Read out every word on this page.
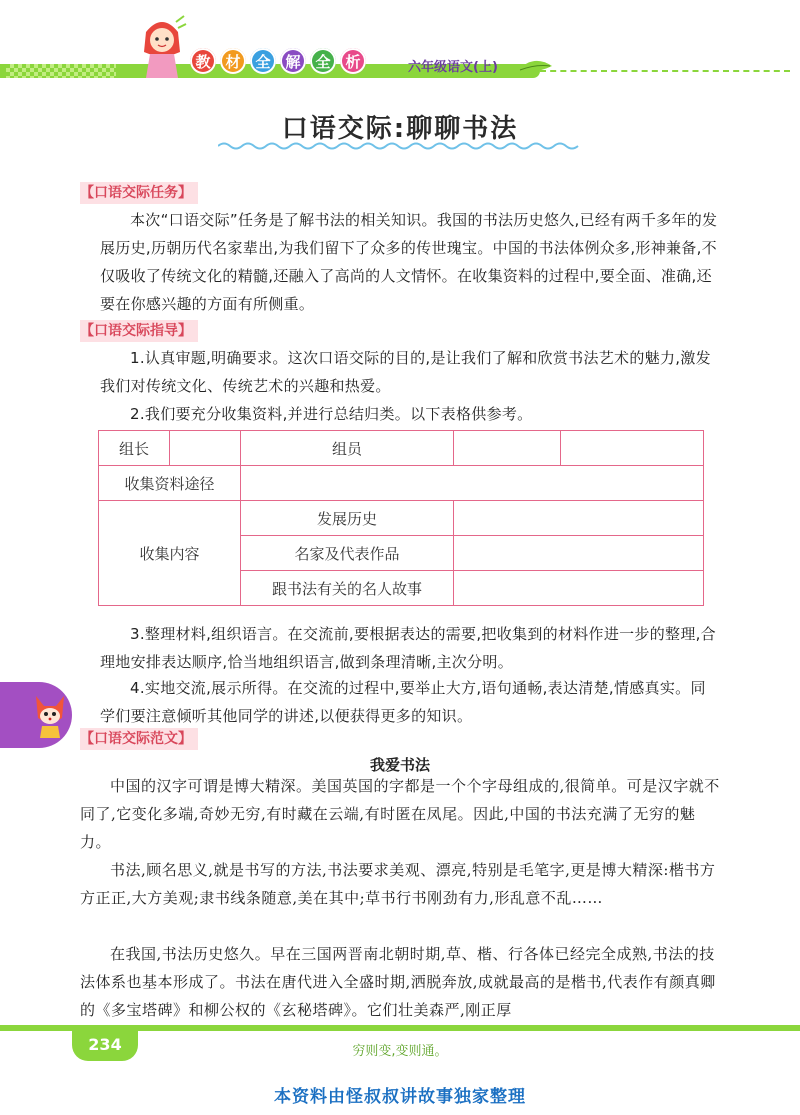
教 材 全 解 全 析	六年级语文(上)
口语交际:聊聊书法
【口语交际任务】
本次“口语交际”任务是了解书法的相关知识。我国的书法历史悠久,已经有两千多年的发展历史,历朝历代名家辈出,为我们留下了众多的传世瑰宝。中国的书法体例众多,形神兼备,不仅吸收了传统文化的精髓,还融入了高尚的人文情怀。在收集资料的过程中,要全面、准确,还要在你感兴趣的方面有所侧重。
【口语交际指导】
1.认真审题,明确要求。这次口语交际的目的,是让我们了解和欣赏书法艺术的魅力,激发我们对传统文化、传统艺术的兴趣和热爱。
2.我们要充分收集资料,并进行总结归类。以下表格供参考。
组长		组员		
收集资料途径				
收集内容		发展历史		
		名家及代表作品		
		跟书法有关的名人故事		
3.整理材料,组织语言。在交流前,要根据表达的需要,把收集到的材料作进一步的整理,合理地安排表达顺序,恰当地组织语言,做到条理清晰,主次分明。
4.实地交流,展示所得。在交流的过程中,要举止大方,语句通畅,表达清楚,情感真实。同学们要注意倾听其他同学的讲述,以便获得更多的知识。
【口语交际范文】
我爱书法
中国的汉字可谓是博大精深。美国英国的字都是一个个字母组成的,很简单。可是汉字就不同了,它变化多端,奇妙无穷,有时藏在云端,有时匿在凤尾。因此,中国的书法充满了无穷的魅力。
书法,顾名思义,就是书写的方法,书法要求美观、漂亮,特别是毛笔字,更是博大精深:楷书方方正正,大方美观;隶书线条随意,美在其中;草书行书刚劲有力,形乱意不乱……
在我国,书法历史悠久。早在三国两晋南北朝时期,草、楷、行各体已经完全成熟,书法的技法体系也基本形成了。书法在唐代进入全盛时期,洒脱奔放,成就最高的是楷书,代表作有颜真卿的《多宝塔碑》和柳公权的《玄秘塔碑》。它们壮美森严,刚正厚
234	穷则变,变则通。
本资料由怪叔叔讲故事独家整理
